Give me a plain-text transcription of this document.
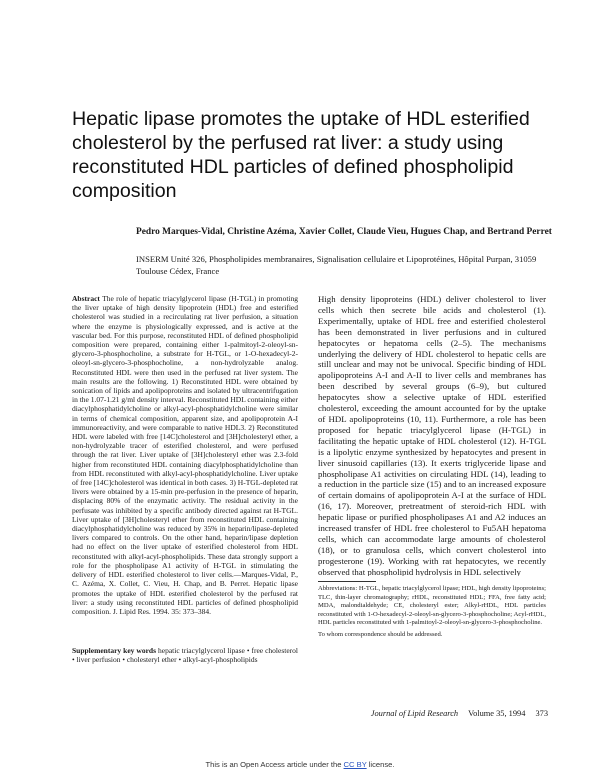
Hepatic lipase promotes the uptake of HDL esterified cholesterol by the perfused rat liver: a study using reconstituted HDL particles of defined phospholipid composition

Pedro Marques-Vidal, Christine Azéma, Xavier Collet, Claude Vieu, Hugues Chap, and Bertrand Perret

INSERM Unité 326, Phospholipides membranaires, Signalisation cellulaire et Lipoprotéines, Hôpital Purpan, 31059 Toulouse Cédex, France

Abstract The role of hepatic triacylglycerol lipase (H-TGL) in promoting the liver uptake of high density lipoprotein (HDL) free and esterified cholesterol was studied in a recirculating rat liver perfusion, a situation where the enzyme is physiologically expressed, and is active at the vascular bed. For this purpose, reconstituted HDL of defined phospholipid composition were prepared, containing either 1-palmitoyl-2-oleoyl-sn-glycero-3-phosphocholine, a substrate for H-TGL, or 1-O-hexadecyl-2-oleoyl-sn-glycero-3-phosphocholine, a non-hydrolyzable analog. Reconstituted HDL were then used in the perfused rat liver system. The main results are the following. 1) Reconstituted HDL were obtained by sonication of lipids and apolipoproteins and isolated by ultracentrifugation in the 1.07-1.21 g/ml density interval. Reconstituted HDL containing either diacylphosphatidylcholine or alkyl-acyl-phosphatidylcholine were similar in terms of chemical composition, apparent size, and apolipoprotein A-I immunoreactivity, and were comparable to native HDL3. 2) Reconstituted HDL were labeled with free [14C]cholesterol and [3H]cholesteryl ether, a non-hydrolyzable tracer of esterified cholesterol, and were perfused through the rat liver. Liver uptake of [3H]cholesteryl ether was 2.3-fold higher from reconstituted HDL containing diacylphosphatidylcholine than from HDL reconstituted with alkyl-acyl-phosphatidylcholine. Liver uptake of free [14C]cholesterol was identical in both cases. 3) H-TGL-depleted rat livers were obtained by a 15-min pre-perfusion in the presence of heparin, displacing 80% of the enzymatic activity. The residual activity in the perfusate was inhibited by a specific antibody directed against rat H-TGL. Liver uptake of [3H]cholesteryl ether from reconstituted HDL containing diacylphosphatidylcholine was reduced by 35% in heparin/lipase-depleted livers compared to controls. On the other hand, heparin/lipase depletion had no effect on the liver uptake of esterified cholesterol from HDL reconstituted with alkyl-acyl-phospholipids. These data strongly support a role for the phospholipase A1 activity of H-TGL in stimulating the delivery of HDL esterified cholesterol to liver cells.—Marques-Vidal, P., C. Azéma, X. Collet, C. Vieu, H. Chap, and B. Perret. Hepatic lipase promotes the uptake of HDL esterified cholesterol by the perfused rat liver: a study using reconstituted HDL particles of defined phospholipid composition. J. Lipid Res. 1994. 35: 373–384.

Supplementary key words hepatic triacylglycerol lipase • free cholesterol • liver perfusion • cholesteryl ether • alkyl-acyl-phospholipids

High density lipoproteins (HDL) deliver cholesterol to liver cells which then secrete bile acids and cholesterol (1). Experimentally, uptake of HDL free and esterified cholesterol has been demonstrated in liver perfusions and in cultured hepatocytes or hepatoma cells (2–5). The mechanisms underlying the delivery of HDL cholesterol to hepatic cells are still unclear and may not be univocal. Specific binding of HDL apolipoproteins A-I and A-II to liver cells and membranes has been described by several groups (6–9), but cultured hepatocytes show a selective uptake of HDL esterified cholesterol, exceeding the amount accounted for by the uptake of HDL apolipoproteins (10, 11). Furthermore, a role has been proposed for hepatic triacylglycerol lipase (H-TGL) in facilitating the hepatic uptake of HDL cholesterol (12). H-TGL is a lipolytic enzyme synthesized by hepatocytes and present in liver sinusoid capillaries (13). It exerts triglyceride lipase and phospholipase A1 activities on circulating HDL (14), leading to a reduction in the particle size (15) and to an increased exposure of certain domains of apolipoprotein A-I at the surface of HDL (16, 17). Moreover, pretreatment of steroid-rich HDL with hepatic lipase or purified phospholipases A1 and A2 induces an increased transfer of HDL free cholesterol to Fu5AH hepatoma cells, which can accommodate large amounts of cholesterol (18), or to granulosa cells, which convert cholesterol into progesterone (19). Working with rat hepatocytes, we recently observed that phospholipid hydrolysis in HDL selectively

Abbreviations: H-TGL, hepatic triacylglycerol lipase; HDL, high density lipoproteins; TLC, thin-layer chromatography; rHDL, reconstituted HDL; FFA, free fatty acid; MDA, malondialdehyde; CE, cholesteryl ester; Alkyl-rHDL, HDL particles reconstituted with 1-O-hexadecyl-2-oleoyl-sn-glycero-3-phosphocholine; Acyl-rHDL, HDL particles reconstituted with 1-palmitoyl-2-oleoyl-sn-glycero-3-phosphocholine.

To whom correspondence should be addressed.

Journal of Lipid Research Volume 35, 1994 373

This is an Open Access article under the CC BY license.
